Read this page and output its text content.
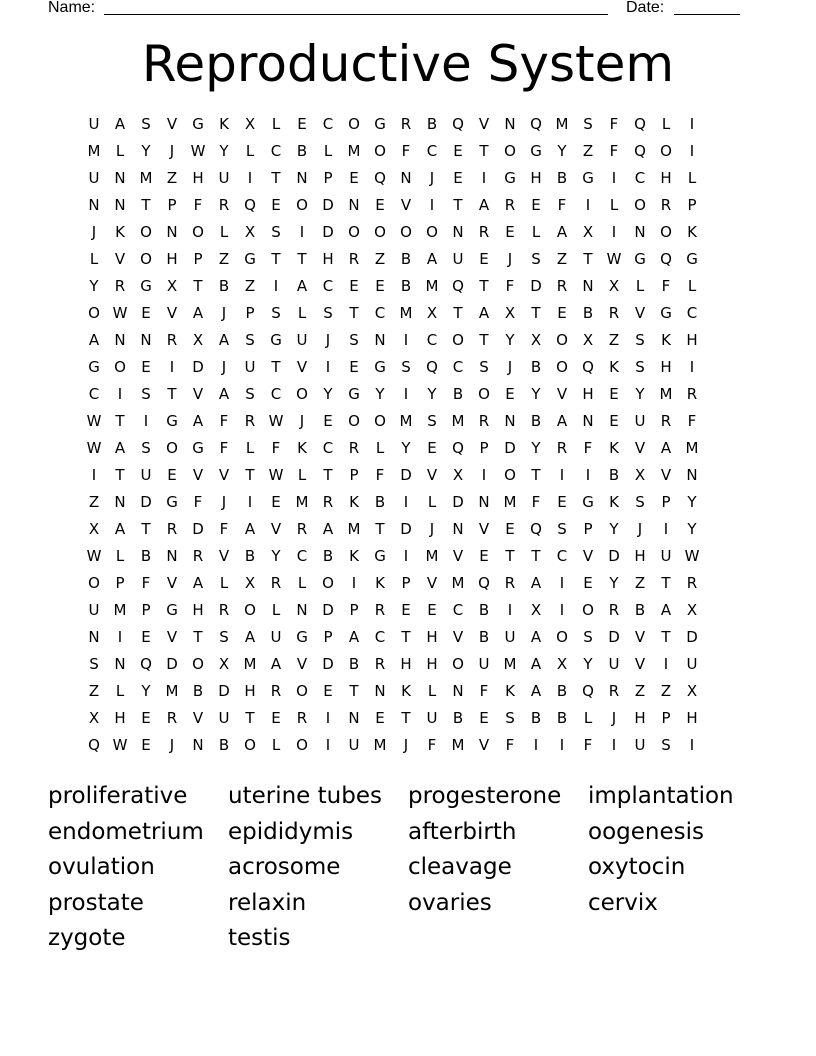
Name:	Date:
Reproductive System
U	A	S	V	G	K	X	L	E	C O G R	B Q V	N Q M S	F	Q	L	I
M	L	Y	J	W Y	L	C	B	L	M O	F	C	E	T	O G	Y	Z	F	Q O	I
U N M Z	H U	I	T	N	P	E	Q N	J	E	I	G H	B	G	I	C	H	L
N N	T	P	F	R Q	E	O D N	E	V	I	T	A	R	E	F	I	L	O R	P
J	K	O N O	L	X	S	I	D O O O O N	R	E	L	A	X	I	N O	K
L	V O H	P	Z	G	T	T	H	R	Z	B	A	U	E	J	S	Z	T W G Q G
Y	R G	X	T	B	Z	I	A	C	E	E	B M Q	T	F	D	R	N	X	L	F	L
O W E	V	A	J	P	S	L	S	T	C M X	T	A	X	T	E	B	R	V	G C
A	N N	R	X	A	S	G U	J	S	N	I	C O	T	Y	X O X	Z	S	K	H
G O	E	I	D	J	U	T	V	I	E	G	S	Q C	S	J	B O Q	K	S	H	I
C	I	S	T	V	A	S	C O	Y	G	Y	I	Y	B O	E	Y	V	H	E	Y M R
W T	I	G	A	F	R W	J	E	O O M S M R	N	B	A	N	E	U	R	F
W A	S	O G	F	L	F	K	C	R	L	Y	E	Q	P	D	Y	R	F	K	V	A M
I	T	U	E	V	V	T W L	T	P	F	D	V	X	I	O	T	I	I	B	X	V	N
Z	N D G	F	J	I	E M R	K	B	I	L	D N M	F	E	G	K	S	P	Y
X	A	T	R	D	F	A	V	R	A M T	D	J	N	V	E	Q	S	P	Y	J	I	Y
W L	B	N	R	V	B	Y	C	B	K	G	I	M V	E	T	T	C	V	D H U W
O	P	F	V	A	L	X	R	L	O	I	K	P	V M Q R	A	I	E	Y	Z	T	R
U M	P	G H	R O	L	N D	P	R	E	E	C	B	I	X	I	O R	B	A	X
N	I	E	V	T	S	A	U G	P	A	C	T	H	V	B	U	A O	S	D	V	T	D
S	N Q D O X M A	V	D	B	R	H H O U M A	X	Y	U	V	I	U
Z	L	Y M B	D H	R O	E	T	N	K	L	N	F	K	A	B Q R	Z	Z	X
X	H	E	R	V	U	T	E	R	I	N	E	T	U	B	E	S	B	B	L	J	H	P	H
Q W E	J	N	B O	L	O	I	U M	J	F	M V	F	I	I	F	I	U	S	I
proliferative	uterine tubes	progesterone	implantation
endometrium	epididymis	afterbirth	oogenesis
ovulation	acrosome	cleavage	oxytocin
prostate	relaxin	ovaries	cervix
zygote	testis
